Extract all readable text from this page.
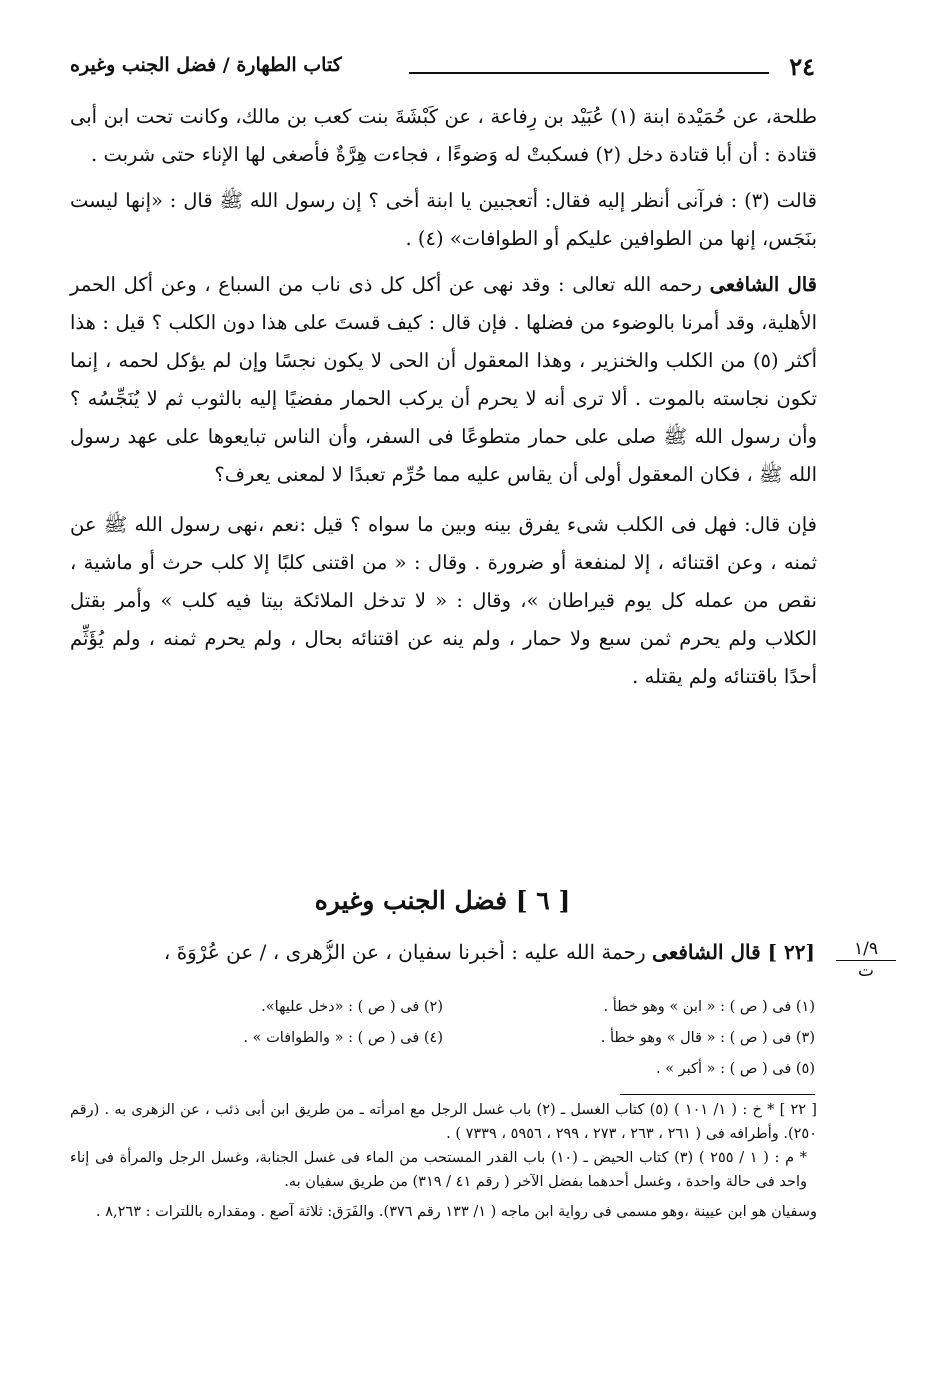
٢٤
كتاب الطهارة / فضل الجنب وغيره

طلحة، عن حُمَيْدة ابنة (١) عُبَيْد بن رِفاعة ، عن كَبْشَةَ بنت كعب بن مالك، وكانت تحت ابن أبى قتادة : أن أبا قتادة دخل (٢) فسكبتْ له وَضوءًا ، فجاءت هِرَّةٌ فأصغى لها الإناء حتى شربت .

قالت (٣) : فرآنى أنظر إليه فقال: أتعجبين يا ابنة أخى ؟ إن رسول الله ﷺ قال : «إنها ليست بنَجَس، إنها من الطوافين عليكم أو الطوافات» (٤) .

قال الشافعى رحمه الله تعالى : وقد نهى عن أكل كل ذى ناب من السباع ، وعن أكل الحمر الأهلية، وقد أمرنا بالوضوء من فضلها . فإن قال : كيف قستَ على هذا دون الكلب ؟ قيل : هذا أكثر (٥) من الكلب والخنزير ، وهذا المعقول أن الحى لا يكون نجسًا وإن لم يؤكل لحمه ، إنما تكون نجاسته بالموت . ألا ترى أنه لا يحرم أن يركب الحمار مفضيًا إليه بالثوب ثم لا يُنَجِّسُه ؟ وأن رسول الله ﷺ صلى على حمار متطوعًا فى السفر، وأن الناس تبايعوها على عهد رسول الله ﷺ ، فكان المعقول أولى أن يقاس عليه مما حُرِّم تعبدًا لا لمعنى يعرف؟

فإن قال: فهل فى الكلب شىء يفرق بينه وبين ما سواه ؟ قيل :نعم ،نهى رسول الله ﷺ عن ثمنه ، وعن اقتنائه ، إلا لمنفعة أو ضرورة . وقال : « من اقتنى كلبًا إلا كلب حرث أو ماشية ، نقص من عمله كل يوم قيراطان »، وقال : « لا تدخل الملائكة بيتا فيه كلب » وأمر بقتل الكلاب ولم يحرم ثمن سبع ولا حمار ، ولم ينه عن اقتنائه بحال ، ولم يحرم ثمنه ، ولم يُؤَثِّم أحدًا باقتنائه ولم يقتله .

[ ٦ ] فضل الجنب وغيره
[٢٢ ] قال الشافعى رحمة الله عليه : أخبرنا سفيان ، عن الزُّهرى ، / عن عُرْوَةَ ،	١/٩
ت
(١) فى ( ص ) : « ابن » وهو خطأ .
(٢) فى ( ص ) : «دخل عليها».
(٣) فى ( ص ) : « قال » وهو خطأ .
(٤) فى ( ص ) : « والطوافات » .
(٥) فى ( ص ) : « أكبر » .

[ ٢٢ ] * خ : ( ١/ ١٠١ ) (٥) كتاب الغسل ـ (٢) باب غسل الرجل مع امرأته ـ من طريق ابن أبى ذئب ، عن الزهرى به . (رقم ٢٥٠). وأطرافه فى ( ٢٦١ ، ٢٦٣ ، ٢٧٣ ، ٢٩٩ ، ٥٩٥٦ ، ٧٣٣٩ ) .

* م : ( ١ / ٢٥٥ ) (٣) كتاب الحيض ـ (١٠) باب القدر المستحب من الماء فى غسل الجنابة، وغسل الرجل والمرأة فى إناء واحد فى حالة واحدة ، وغسل أحدهما بفضل الآخر ( رقم ٤١ / ٣١٩) من طريق سفيان به.

وسفيان هو ابن عيينة ،وهو مسمى فى رواية ابن ماجه ( ١/ ١٣٣ رقم ٣٧٦). والفَرَق: ثلاثة آصع . ومقداره باللترات : ٨,٢٦٣ .
